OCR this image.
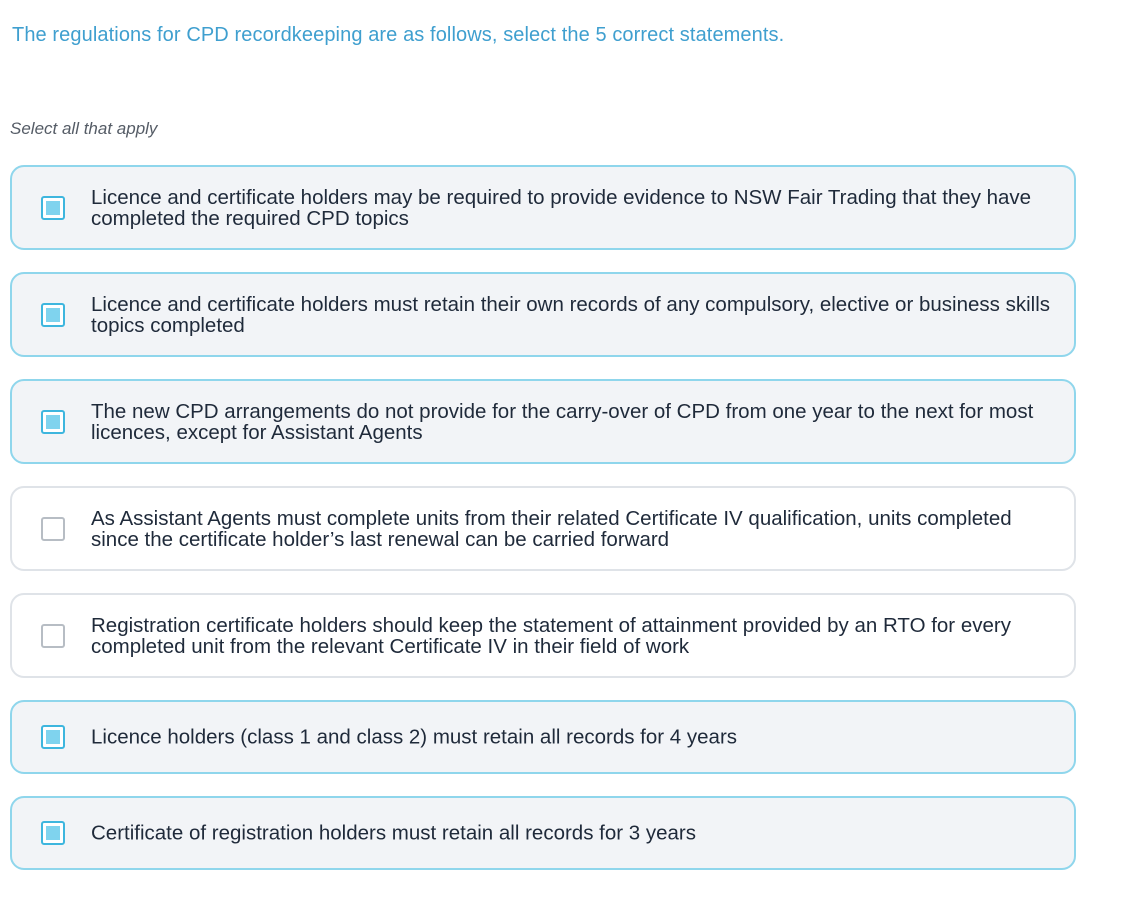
The regulations for CPD recordkeeping are as follows, select the 5 correct statements.
Select all that apply
Licence and certificate holders may be required to provide evidence to NSW Fair Trading that they have completed the required CPD topics
Licence and certificate holders must retain their own records of any compulsory, elective or business skills topics completed
The new CPD arrangements do not provide for the carry-over of CPD from one year to the next for most licences, except for Assistant Agents
As Assistant Agents must complete units from their related Certificate IV qualification, units completed since the certificate holder’s last renewal can be carried forward
Registration certificate holders should keep the statement of attainment provided by an RTO for every completed unit from the relevant Certificate IV in their field of work
Licence holders (class 1 and class 2) must retain all records for 4 years
Certificate of registration holders must retain all records for 3 years
